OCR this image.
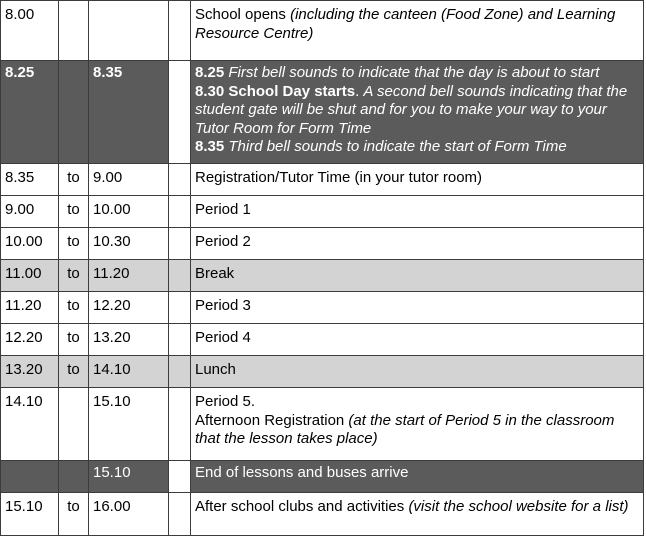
8.00				School opens (including the canteen (Food Zone) and Learning Resource Centre)
8.25		8.35		8.25 First bell sounds to indicate that the day is about to start
8.30 School Day starts. A second bell sounds indicating that the student gate will be shut and for you to make your way to your Tutor Room for Form Time
8.35 Third bell sounds to indicate the start of Form Time

8.35	to	9.00		Registration/Tutor Time (in your tutor room)
9.00	to	10.00		Period 1
10.00	to	10.30		Period 2
11.00	to	11.20		Break
11.20	to	12.20		Period 3
12.20	to	13.20		Period 4
13.20	to	14.10		Lunch
14.10		15.10		Period 5.
Afternoon Registration (at the start of Period 5 in the classroom that the lesson takes place)

		15.10		End of lessons and buses arrive
15.10	to	16.00		After school clubs and activities (visit the school website for a list)
